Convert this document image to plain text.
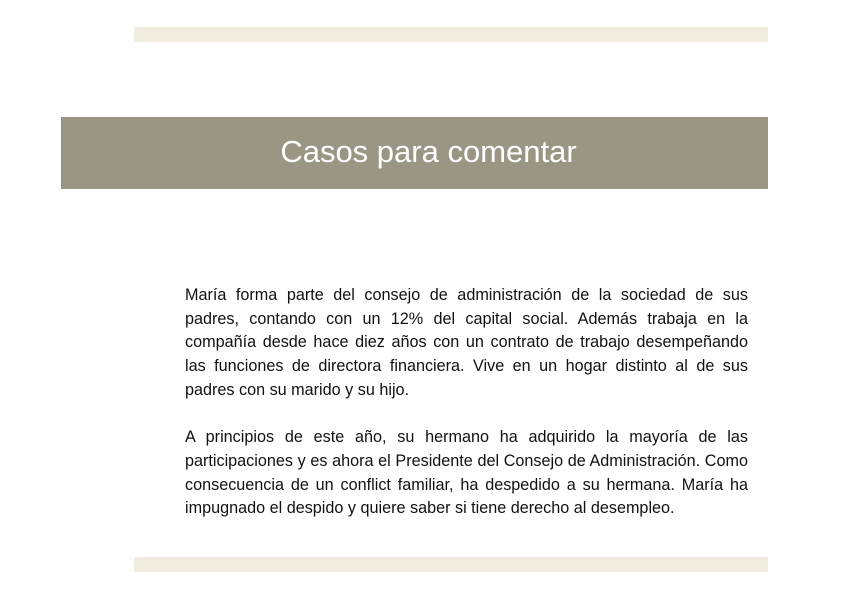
Casos para comentar

María forma parte del consejo de administración de la sociedad de sus padres, contando con un 12% del capital social. Además trabaja en la compañía desde hace diez años con un contrato de trabajo desempeñando las funciones de directora financiera. Vive en un hogar distinto al de sus padres con su marido y su hijo.

A principios de este año, su hermano ha adquirido la mayoría de las participaciones y es ahora el Presidente del Consejo de Administración. Como consecuencia de un conflict familiar, ha despedido a su hermana. María ha impugnado el despido y quiere saber si tiene derecho al desempleo.
